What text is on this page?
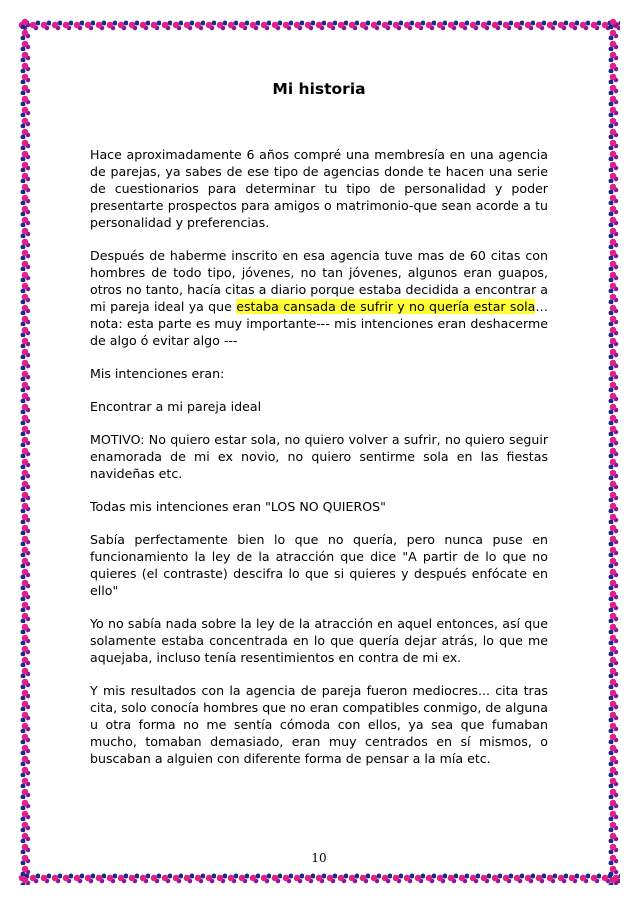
Mi historia

Hace aproximadamente 6 años compré una membresía en una agencia de parejas, ya sabes de ese tipo de agencias donde te hacen una serie de cuestionarios para determinar tu tipo de personalidad y poder presentarte prospectos para amigos o matrimonio-que sean acorde a tu personalidad y preferencias.

Después de haberme inscrito en esa agencia tuve mas de 60 citas con hombres de todo tipo, jóvenes, no tan jóvenes, algunos eran guapos, otros no tanto, hacía citas a diario porque estaba decidida a encontrar a mi pareja ideal ya que estaba cansada de sufrir y no quería estar sola… nota: esta parte es muy importante--- mis intenciones eran deshacerme de algo ó evitar algo ---

Mis intenciones eran:

Encontrar a mi pareja ideal

MOTIVO: No quiero estar sola, no quiero volver a sufrir, no quiero seguir enamorada de mi ex novio, no quiero sentirme sola en las fiestas navideñas etc.

Todas mis intenciones eran "LOS NO QUIEROS"

Sabía perfectamente bien lo que no quería, pero nunca puse en funcionamiento la ley de la atracción que dice "A partir de lo que no quieres (el contraste) descifra lo que si quieres y después enfócate en ello"

Yo no sabía nada sobre la ley de la atracción en aquel entonces, así que solamente estaba concentrada en lo que quería dejar atrás, lo que me aquejaba, incluso tenía resentimientos en contra de mi ex.

Y mis resultados con la agencia de pareja fueron mediocres... cita tras cita, solo conocía hombres que no eran compatibles conmigo, de alguna u otra forma no me sentía cómoda con ellos, ya sea que fumaban mucho, tomaban demasiado, eran muy centrados en sí mismos, o buscaban a alguien con diferente forma de pensar a la mía etc.

10
